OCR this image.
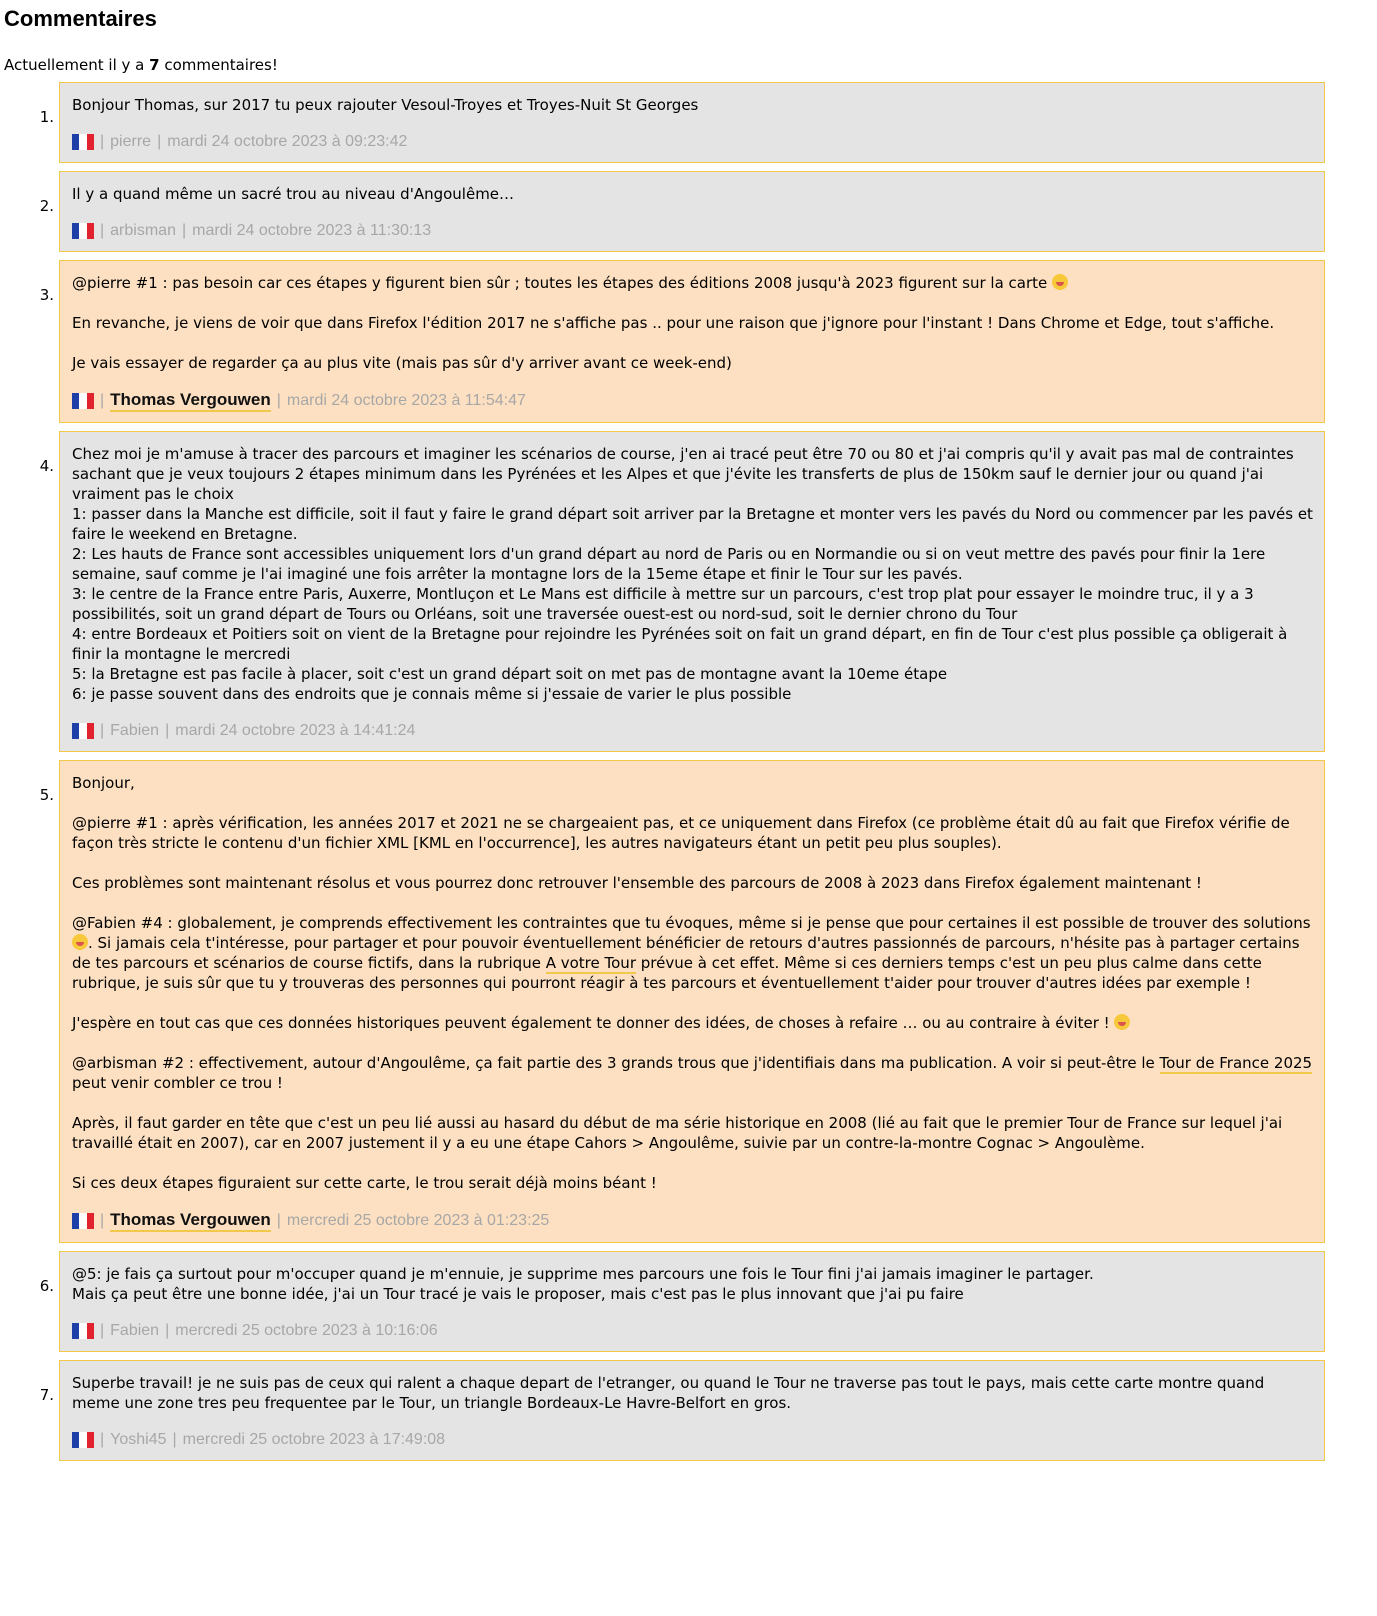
Commentaires

Actuellement il y a 7 commentaires!

1.

Bonjour Thomas, sur 2017 tu peux rajouter Vesoul-Troyes et Troyes-Nuit St Georges

| pierre | mardi 24 octobre 2023 à 09:23:42
2.

Il y a quand même un sacré trou au niveau d'Angoulême…

| arbisman | mardi 24 octobre 2023 à 11:30:13
3.

@pierre #1 : pas besoin car ces étapes y figurent bien sûr ; toutes les étapes des éditions 2008 jusqu'à 2023 figurent sur la carte

En revanche, je viens de voir que dans Firefox l'édition 2017 ne s'affiche pas .. pour une raison que j'ignore pour l'instant ! Dans Chrome et Edge, tout s'affiche.

Je vais essayer de regarder ça au plus vite (mais pas sûr d'y arriver avant ce week-end)

| Thomas Vergouwen | mardi 24 octobre 2023 à 11:54:47
4.

Chez moi je m'amuse à tracer des parcours et imaginer les scénarios de course, j'en ai tracé peut être 70 ou 80 et j'ai compris qu'il y avait pas mal de contraintes sachant que je veux toujours 2 étapes minimum dans les Pyrénées et les Alpes et que j'évite les transferts de plus de 150km sauf le dernier jour ou quand j'ai vraiment pas le choix
1: passer dans la Manche est difficile, soit il faut y faire le grand départ soit arriver par la Bretagne et monter vers les pavés du Nord ou commencer par les pavés et faire le weekend en Bretagne.
2: Les hauts de France sont accessibles uniquement lors d'un grand départ au nord de Paris ou en Normandie ou si on veut mettre des pavés pour finir la 1ere semaine, sauf comme je l'ai imaginé une fois arrêter la montagne lors de la 15eme étape et finir le Tour sur les pavés.
3: le centre de la France entre Paris, Auxerre, Montluçon et Le Mans est difficile à mettre sur un parcours, c'est trop plat pour essayer le moindre truc, il y a 3 possibilités, soit un grand départ de Tours ou Orléans, soit une traversée ouest-est ou nord-sud, soit le dernier chrono du Tour
4: entre Bordeaux et Poitiers soit on vient de la Bretagne pour rejoindre les Pyrénées soit on fait un grand départ, en fin de Tour c'est plus possible ça obligerait à finir la montagne le mercredi
5: la Bretagne est pas facile à placer, soit c'est un grand départ soit on met pas de montagne avant la 10eme étape
6: je passe souvent dans des endroits que je connais même si j'essaie de varier le plus possible

| Fabien | mardi 24 octobre 2023 à 14:41:24
5.

Bonjour,

@pierre #1 : après vérification, les années 2017 et 2021 ne se chargeaient pas, et ce uniquement dans Firefox (ce problème était dû au fait que Firefox vérifie de façon très stricte le contenu d'un fichier XML [KML en l'occurrence], les autres navigateurs étant un petit peu plus souples).

Ces problèmes sont maintenant résolus et vous pourrez donc retrouver l'ensemble des parcours de 2008 à 2023 dans Firefox également maintenant !

@Fabien #4 : globalement, je comprends effectivement les contraintes que tu évoques, même si je pense que pour certaines il est possible de trouver des solutions . Si jamais cela t'intéresse, pour partager et pour pouvoir éventuellement bénéficier de retours d'autres passionnés de parcours, n'hésite pas à partager certains de tes parcours et scénarios de course fictifs, dans la rubrique A votre Tour prévue à cet effet. Même si ces derniers temps c'est un peu plus calme dans cette rubrique, je suis sûr que tu y trouveras des personnes qui pourront réagir à tes parcours et éventuellement t'aider pour trouver d'autres idées par exemple !

J'espère en tout cas que ces données historiques peuvent également te donner des idées, de choses à refaire … ou au contraire à éviter !

@arbisman #2 : effectivement, autour d'Angoulême, ça fait partie des 3 grands trous que j'identifiais dans ma publication. A voir si peut-être le Tour de France 2025 peut venir combler ce trou !

Après, il faut garder en tête que c'est un peu lié aussi au hasard du début de ma série historique en 2008 (lié au fait que le premier Tour de France sur lequel j'ai travaillé était en 2007), car en 2007 justement il y a eu une étape Cahors > Angoulême, suivie par un contre-la-montre Cognac > Angoulème.

Si ces deux étapes figuraient sur cette carte, le trou serait déjà moins béant !

| Thomas Vergouwen | mercredi 25 octobre 2023 à 01:23:25
6.

@5: je fais ça surtout pour m'occuper quand je m'ennuie, je supprime mes parcours une fois le Tour fini j'ai jamais imaginer le partager.
Mais ça peut être une bonne idée, j'ai un Tour tracé je vais le proposer, mais c'est pas le plus innovant que j'ai pu faire

| Fabien | mercredi 25 octobre 2023 à 10:16:06
7.

Superbe travail! je ne suis pas de ceux qui ralent a chaque depart de l'etranger, ou quand le Tour ne traverse pas tout le pays, mais cette carte montre quand meme une zone tres peu frequentee par le Tour, un triangle Bordeaux-Le Havre-Belfort en gros.

| Yoshi45 | mercredi 25 octobre 2023 à 17:49:08
